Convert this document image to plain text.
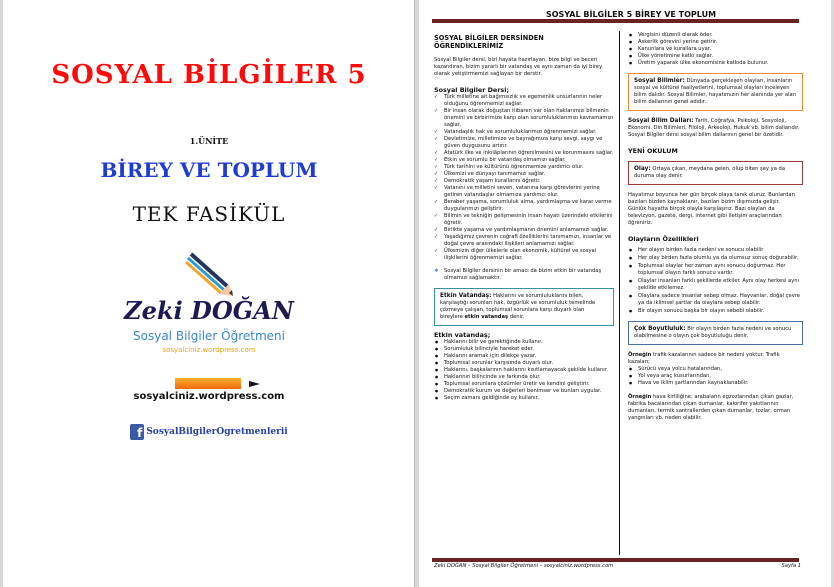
SOSYAL BİLGİLER 5
1.ÜNİTE
BİREY VE TOPLUM
TEK FASİKÜL
Zeki DOĞAN
Sosyal Bilgiler Öğretmeni
sosyalciniz.wordpress.com
sosyalciniz.wordpress.com
f SosyalBilgilerOgretmenlerii
SOSYAL BİLGİLER 5 BİREY VE TOPLUM
SOSYAL BİLGİLER DERSİNDEN ÖĞRENDİKLERİMİZ
Sosyal Bilgiler dersi, bizi hayata hazırlayan, bize bilgi ve beceri kazandıran, bizim yararlı bir vatandaş ve aynı zaman da iyi birey olarak yetiştirmemizi sağlayan bir derstir.
Sosyal Bilgiler Dersi;
✓ Türk milletine ait bağımsızlık ve egemenlik unsurlarının neler olduğunu öğrenmemizi sağlar.
✓ Bir insan olarak doğuştan itibaren var olan haklarımızı bilmenin önemini ve birbirimize karşı olan sorumluluklarımızı kavramamızı sağlar.
✓ Vatandaşlık hak ve sorumluluklarımızı öğrenmemizi sağlar.
✓ Devletimize, milletimize ve bayrağımıza karşı sevgi, saygı ve güven duygusunu artırır.
✓ Atatürk ilke ve inkılâplarının öğrenilmesini ve korunmasını sağlar.
✓ Etkin ve sorumlu bir vatandaş olmamızı sağlar.
✓ Türk tarihini ve kültürünü öğrenmemize yardımcı olur.
✓ Ülkemizi ve dünyayı tanımamızı sağlar.
✓ Demokratik yaşam kurallarını öğretir.
✓ Vatanını ve milletini seven, vatanına karşı görevlerini yerine getiren vatandaşlar olmamıza yardımcı olur.
✓ Beraber yaşama, sorumluluk alma, yardımlaşma ve karar verme duygularımızı geliştirir.
✓ Bilimin ve tekniğin gelişmesinin insan hayatı üzerindeki etkilerini öğretir.
✓ Birlikte yaşama ve yardımlaşmanın önemini anlamamızı sağlar.
✓ Yaşadığımız çevrenin coğrafi özelliklerini tanımamızı, insanlar ve doğal çevre arasındaki ilişkileri anlamamızı sağlar.
✓ Ülkemizin diğer ülkelerle olan ekonomik, kültürel ve sosyal ilişkilerini öğrenmemizi sağlar.
❖ Sosyal Bilgiler dersinin bir amacı da bizim etkin bir vatandaş olmamızı sağlamaktır.
Etkin Vatandaş: Haklarını ve sorumluluklarını bilen, karşılaştığı sorunları hak, özgürlük ve sorumluluk temelinde çözmeye çalışan, toplumsal sorunlara karşı duyarlı olan bireylere etkin vatandaş denir.
Etkin vatandaş;
● Haklarını bilir ve gerektiğinde kullanır.
● Sorumluluk bilinciyle hareket eder.
● Haklarını aramak için dilekçe yazar.
● Toplumsal sorunlar karşısında duyarlı olur.
● Haklarını, başkalarının haklarını kısıtlamayacak şekilde kullanır.
● Haklarının bilincinde ve farkında olur.
● Toplumsal sorunlara çözümler üretir ve kendini geliştirir.
● Demokratik kurum ve değerleri benimser ve bunları uygular.
● Seçim zamanı geldiğinde oy kullanır.
● Vergisini düzenli olarak öder.
● Askerlik görevini yerine getirir.
● Kanunlara ve kurallara uyar.
● Ülke yönetimine katkı sağlar.
● Üretim yaparak ülke ekonomisine katkıda bulunur.
Sosyal Bilimler: Dünyada gerçekleşen olayları, insanların sosyal ve kültürel faaliyetlerini, toplumsal olayları inceleyen bilim dalıdır. Sosyal Bilimler, hayatımızın her alanında yer alan bilim dallarının genel adıdır.
Sosyal Bilim Dalları: Tarih, Coğrafya, Psikoloji, Sosyoloji, Ekonomi, Din Bilimleri, Filoloji, Arkeoloji, Hukuk vb. bilim dallarıdır.
Sosyal Bilgiler dersi sosyal bilim dallarının genel bir özetidir.
YENİ OKULUM
Olay: Ortaya çıkan, meydana gelen, olup biten şey ya da duruma olay denir.
Hayatımız boyunca her gün birçok olaya tanık oluruz. Bunlardan bazıları bizden kaynaklanır, bazıları bizim dışımızda gelişir.
Günlük hayatta birçok olayla karşılaşırız. Bazı olayları da televizyon, gazete, dergi, internet gibi iletişim araçlarından öğreniriz.
Olayların Özellikleri
● Her olayın birden fazla nedeni ve sonucu olabilir
● Her olay birden fazla olumlu ya da olumsuz sonuç doğurabilir.
● Toplumsal olaylar her zaman aynı sonucu doğurmaz. Her toplumsal olayın farklı sonucu vardır.
● Olaylar insanları farklı şekillerde etkiler. Aynı olay herkesi aynı şekilde etkilemez.
● Olaylara sadece insanlar sebep olmaz. Hayvanlar, doğal çevre ya da iklimsel şartlar da olaylara sebep olabilir.
● Bir olayın sonucu başka bir olayın sebebi olabilir.
Çok Boyutluluk: Bir olayın birden fazla nedeni ve sonucu olabilmesine o olayın çok boyutluluğu denir.
Örneğin trafik kazalarının sadece bir nedeni yoktur. Trafik kazaları;
● Sürücü veya yolcu hatalarından,
● Yol veya araç kusurlarından,
● Hava ve iklim şartlarından kaynaklanabilir.
Örneğin hava kirliliğine; arabaların egzozlarından çıkan gazlar, fabrika bacalarından çıkan dumanlar, kalorifer yakıtlarının dumanları, termik santrallerden çıkan dumanlar, tozlar, orman yangınları vb. neden olabilir.
Zeki DOĞAN – Sosyal Bilgiler Öğretmeni – sosyalciniz.wordpress.com	Sayfa 1
